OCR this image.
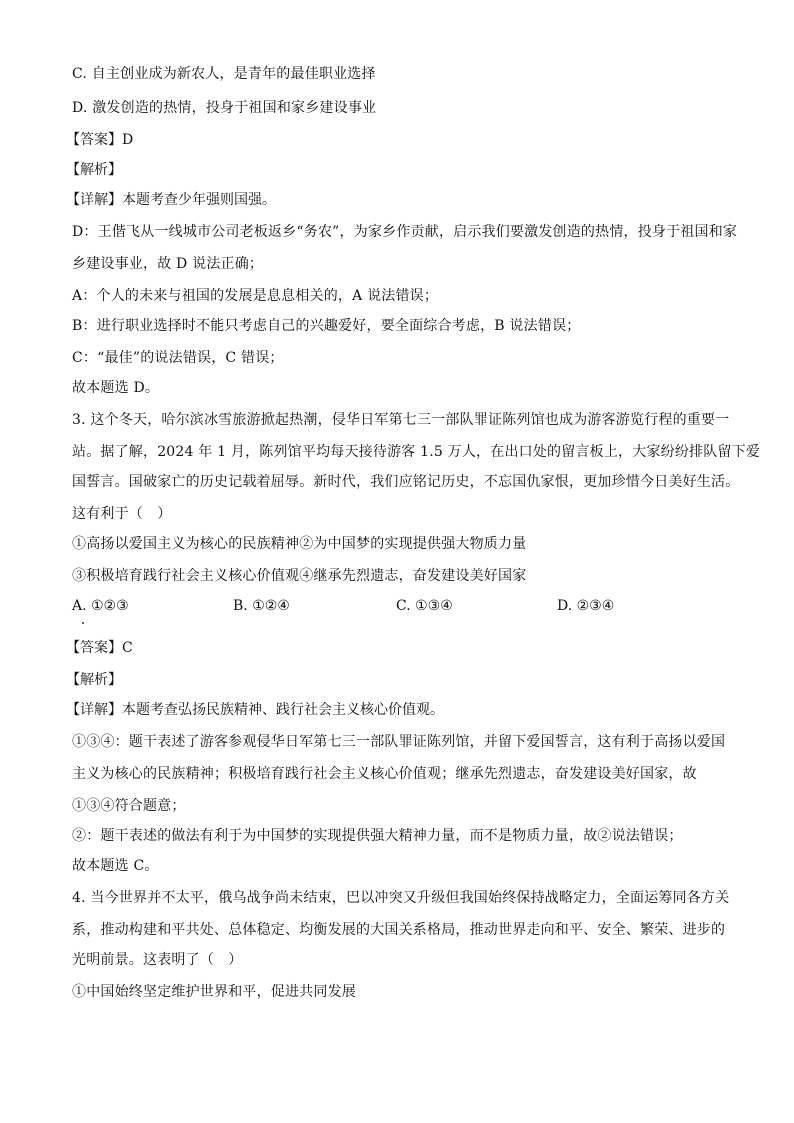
C. 自主创业成为新农人，是青年的最佳职业选择
D. 激发创造的热情，投身于祖国和家乡建设事业
【答案】D
【解析】
【详解】本题考查少年强则国强。
D：王偕飞从一线城市公司老板返乡“务农”，为家乡作贡献，启示我们要激发创造的热情，投身于祖国和家
乡建设事业，故 D 说法正确；
A：个人的未来与祖国的发展是息息相关的，A 说法错误；
B：进行职业选择时不能只考虑自己的兴趣爱好，要全面综合考虑，B 说法错误；
C：“最佳”的说法错误，C 错误；
故本题选 D。
3. 这个冬天，哈尔滨冰雪旅游掀起热潮，侵华日军第七三一部队罪证陈列馆也成为游客游览行程的重要一
站。据了解，2024 年 1 月，陈列馆平均每天接待游客 1.5 万人，在出口处的留言板上，大家纷纷排队留下爱
国誓言。国破家亡的历史记载着屈辱。新时代，我们应铭记历史，不忘国仇家恨，更加珍惜今日美好生活。
这有利于（　）
①高扬以爱国主义为核心的民族精神②为中国梦的实现提供强大物质力量
③积极培育践行社会主义核心价值观④继承先烈遗志，奋发建设美好国家
A. ①②③	B. ①②④	C. ①③④	D. ②③④
【答案】C
【解析】
【详解】本题考查弘扬民族精神、践行社会主义核心价值观。
①③④：题干表述了游客参观侵华日军第七三一部队罪证陈列馆，并留下爱国誓言，这有利于高扬以爱国
主义为核心的民族精神；积极培育践行社会主义核心价值观；继承先烈遗志，奋发建设美好国家，故
①③④符合题意；
②：题干表述的做法有利于为中国梦的实现提供强大精神力量，而不是物质力量，故②说法错误；
故本题选 C。
4. 当今世界并不太平，俄乌战争尚未结束，巴以冲突又升级但我国始终保持战略定力，全面运筹同各方关
系，推动构建和平共处、总体稳定、均衡发展的大国关系格局，推动世界走向和平、安全、繁荣、进步的
光明前景。这表明了（　）
①中国始终坚定维护世界和平，促进共同发展
